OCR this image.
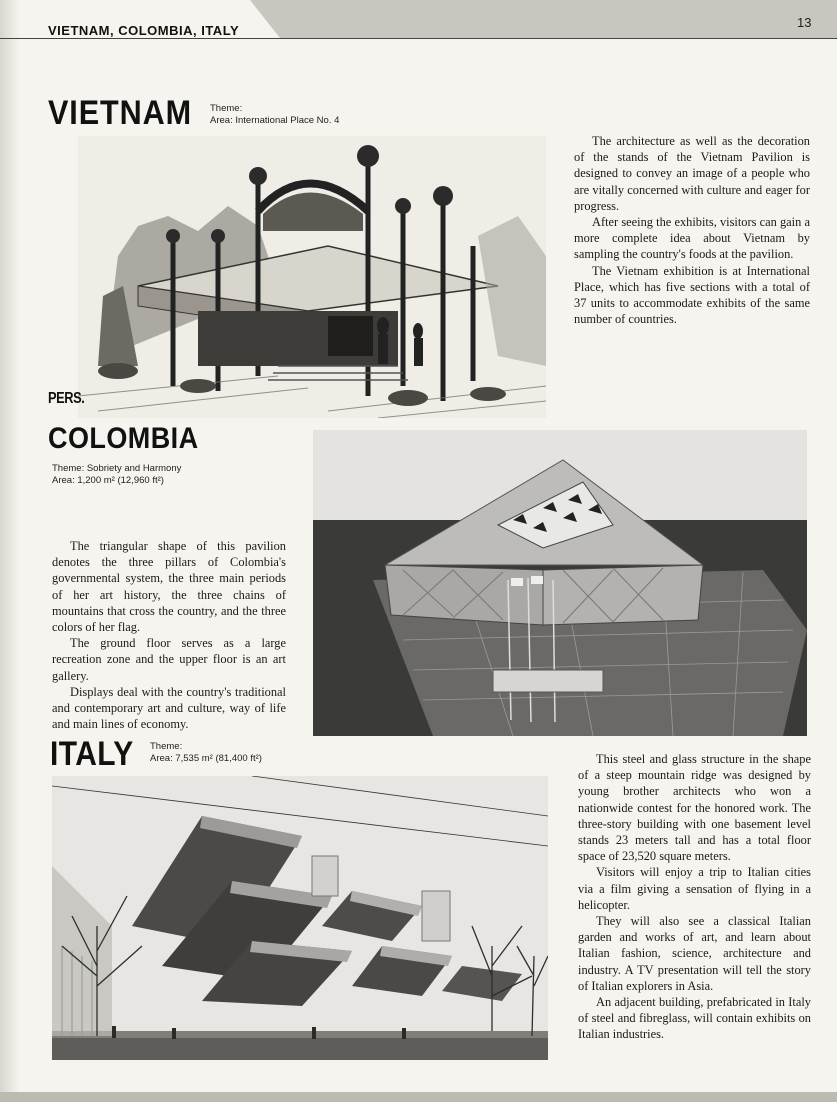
VIETNAM, COLOMBIA, ITALY
13
VIETNAM Theme:
Area: International Place No. 4
PERS.

The architecture as well as the decoration of the stands of the Vietnam Pavilion is designed to convey an image of a people who are vitally concerned with culture and eager for progress.

After seeing the exhibits, visitors can gain a more complete idea about Vietnam by sampling the country's foods at the pavilion.

The Vietnam exhibition is at International Place, which has five sections with a total of 37 units to accommodate exhibits of the same number of countries.

COLOMBIA
Theme: Sobriety and Harmony
Area: 1,200 m² (12,960 ft²)

The triangular shape of this pavilion denotes the three pillars of Colombia's governmental system, the three main periods of her art history, the three chains of mountains that cross the country, and the three colors of her flag.

The ground floor serves as a large recreation zone and the upper floor is an art gallery.

Displays deal with the country's traditional and contemporary art and culture, way of life and main lines of economy.

ITALY Theme:
Area: 7,535 m² (81,400 ft²)	This steel and glass structure in the shape of a steep mountain ridge was designed by young brother architects who won a nationwide contest for the honored work. The three-story building with one basement level stands 23 meters tall and has a total floor space of 23,520 square meters.

Visitors will enjoy a trip to Italian cities via a film giving a sensation of flying in a helicopter.

They will also see a classical Italian garden and works of art, and learn about Italian fashion, science, architecture and industry. A TV presentation will tell the story of Italian explorers in Asia.

An adjacent building, prefabricated in Italy of steel and fibreglass, will contain exhibits on Italian industries.
